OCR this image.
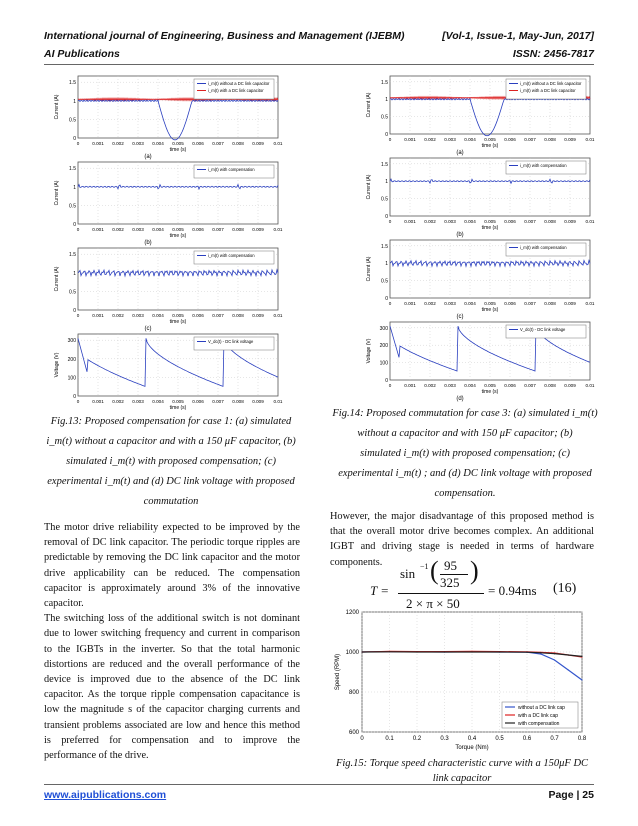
International journal of Engineering, Business and Management (IJEBM)	[Vol-1, Issue-1, May-Jun, 2017]
AI Publications	ISSN: 2456-7817
1.5
1
0.5
0
Current (A)
0	0.001 0.002 0.003 0.004 0.005 0.006 0.007 0.008 0.009 0.01
time (s)
(a)
i_m(t) without a DC link capacitor
i_m(t) with a DC link capacitor
1.5
1
0.5
0
Current (A)
0	0.001 0.002 0.003 0.004 0.005 0.006 0.007 0.008 0.009 0.01
time (s)
(b)
i_m(t) with compensation
1.5
1
0.5
0
Current (A)
0	0.001 0.002 0.003 0.004 0.005 0.006 0.007 0.008 0.009 0.01
time (s)
(c)
i_m(t) with compensation
300
200
100
0
Voltage (V)
0	0.001 0.002 0.003 0.004 0.005 0.006 0.007 0.008 0.009 0.01
time (s)
V_dc(t) - DC link voltage
Fig.13: Proposed compensation for case 1: (a) simulated
i_m(t) without a capacitor and with a 150 μF capacitor, (b)
simulated i_m(t) with proposed compensation; (c)
experimental i_m(t) and (d) DC link voltage with proposed
commutation

The motor drive reliability expected to be improved by the removal of DC link capacitor. The periodic torque ripples are predictable by removing the DC link capacitor and the motor drive applicability can be reduced. The compensation capacitor is approximately around 3% of the innovative capacitor.

The switching loss of the additional switch is not dominant due to lower switching frequency and current in comparison to the IGBTs in the inverter. So that the total harmonic distortions are reduced and the overall performance of the device is improved due to the absence of the DC link capacitor. As the torque ripple compensation capacitance is low the magnitude s of the capacitor charging currents and transient problems associated are low and hence this method is preferred for compensation and to improve the performance of the drive.

1.5
1
0.5
0
Current (A)
0	0.001 0.002 0.003 0.004 0.005 0.006 0.007 0.008 0.009 0.01
time (s)
(a)
i_m(t) without a DC link capacitor
i_m(t) with a DC link capacitor
1.5
1
0.5
0
Current (A)
0	0.001 0.002 0.003 0.004 0.005 0.006 0.007 0.008 0.009 0.01
time (s)
(b)
i_m(t) with compensation
1.5
1
0.5
0
Current (A)
0	0.001 0.002 0.003 0.004 0.005 0.006 0.007 0.008 0.009 0.01
time (s)
(c)
i_m(t) with compensation
300
200
100
0
Voltage (V)
0	0.001 0.002 0.003 0.004 0.005 0.006 0.007 0.008 0.009 0.01
time (s)
(d)
V_dc(t) - DC link voltage
Fig.14: Proposed commutation for case 3: (a) simulated i_m(t)
without a capacitor and with 150 μF capacitor; (b)
simulated i_m(t) with proposed compensation; (c)
experimental i_m(t) ; and (d) DC link voltage with proposed
compensation.

However, the major disadvantage of this proposed method is that the overall motor drive becomes complex. An additional IGBT and driving stage is needed in terms of hardware components.

T =
sin −1 ( 95
325 )
2 × π × 50
= 0.94ms (16)
0	0.1	0.2	0.3	0.4	0.5	0.6	0.7	0.8
1200
1000
800
600
Torque (Nm)
Speed (RPM)
without a DC link cap
with a DC link cap
with compensation
Fig.15: Torque speed characteristic curve with a 150μF DC
link capacitor
www.aipublications.com	Page | 25
